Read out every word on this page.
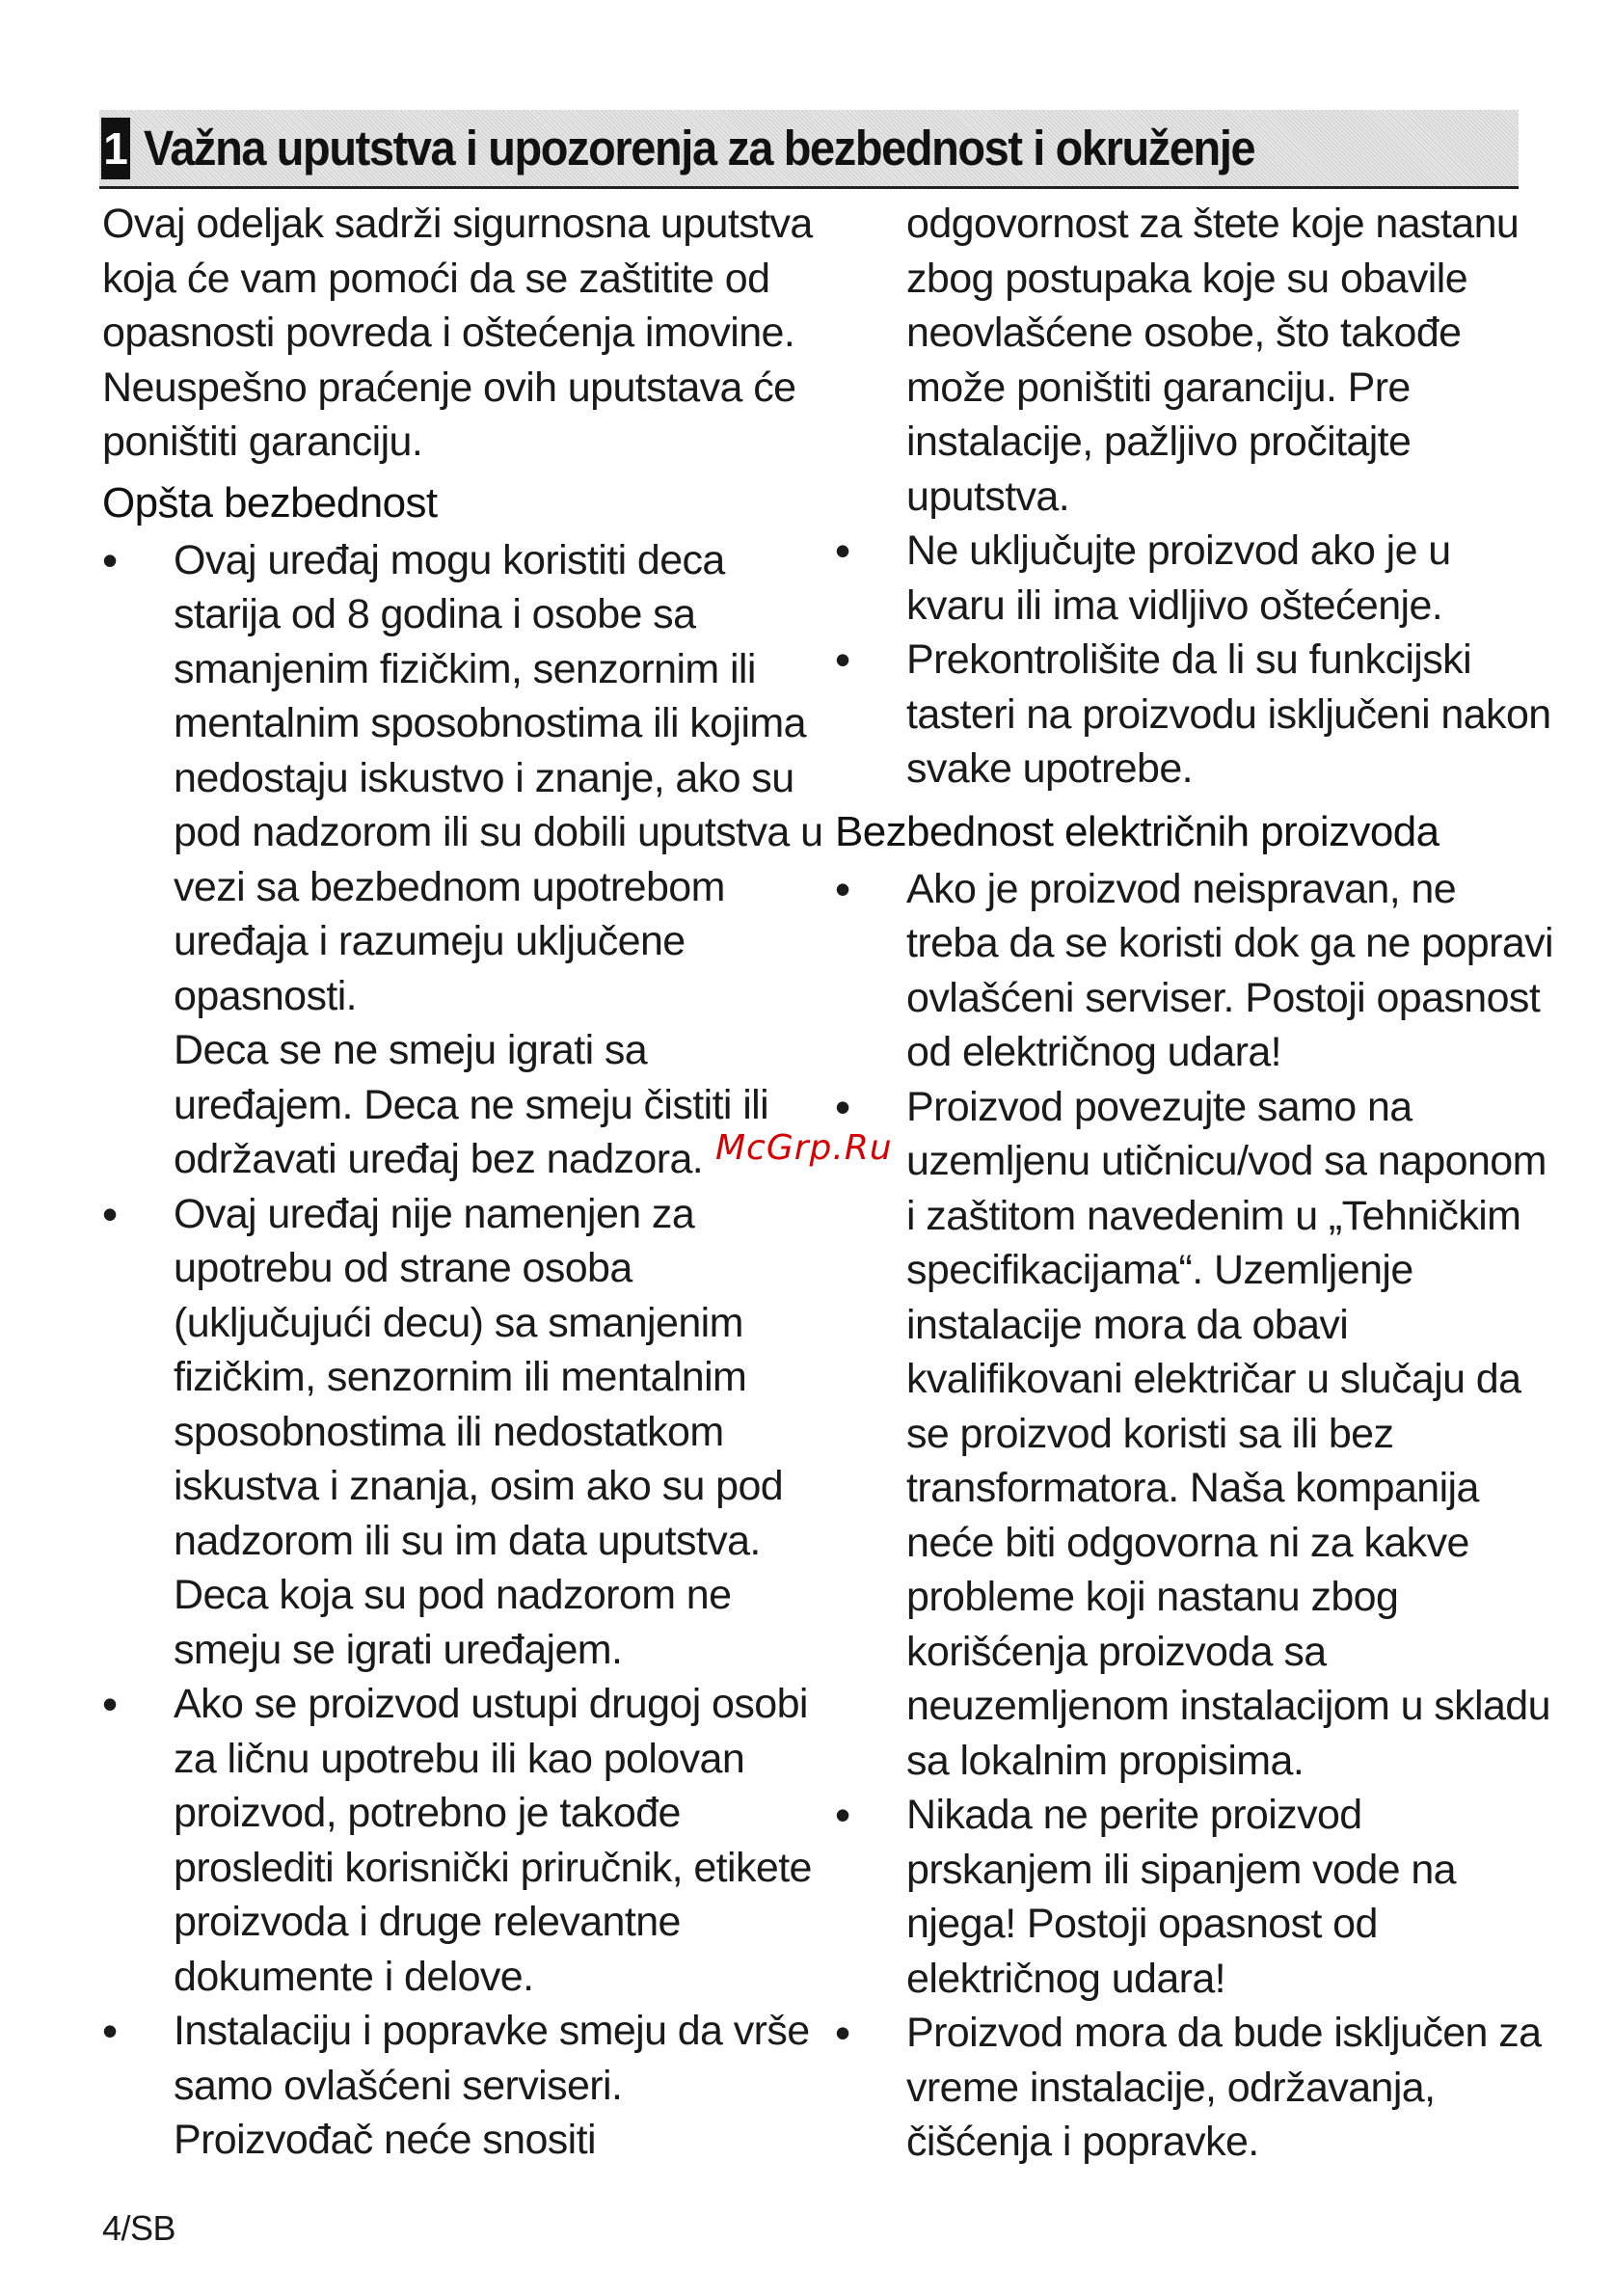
1 Važna uputstva i upozorenja za bezbednost i okruženje

Ovaj odeljak sadrži sigurnosna uputstva koja će vam pomoći da se zaštitite od opasnosti povreda i oštećenja imovine. Neuspešno praćenje ovih uputstava će poništiti garanciju.

Opšta bezbednost

• Ovaj uređaj mogu koristiti deca starija od 8 godina i osobe sa smanjenim fizičkim, senzornim ili mentalnim sposobnostima ili kojima nedostaju iskustvo i znanje, ako su pod nadzorom ili su dobili uputstva u vezi sa bezbednom upotrebom uređaja i razumeju uključene opasnosti.
Deca se ne smeju igrati sa uređajem. Deca ne smeju čistiti ili održavati uređaj bez nadzora.
• Ovaj uređaj nije namenjen za upotrebu od strane osoba (uključujući decu) sa smanjenim fizičkim, senzornim ili mentalnim sposobnostima ili nedostatkom iskustva i znanja, osim ako su pod nadzorom ili su im data uputstva. Deca koja su pod nadzorom ne smeju se igrati uređajem.
• Ako se proizvod ustupi drugoj osobi za ličnu upotrebu ili kao polovan proizvod, potrebno je takođe proslediti korisnički priručnik, etikete proizvoda i druge relevantne dokumente i delove.
• Instalaciju i popravke smeju da vrše samo ovlašćeni serviseri. Proizvođač neće snositi
odgovornost za štete koje nastanu zbog postupaka koje su obavile neovlašćene osobe, što takođe može poništiti garanciju. Pre instalacije, pažljivo pročitajte uputstva.
• Ne uključujte proizvod ako je u kvaru ili ima vidljivo oštećenje.
• Prekontrolišite da li su funkcijski tasteri na proizvodu isključeni nakon svake upotrebe.

Bezbednost električnih proizvoda

• Ako je proizvod neispravan, ne treba da se koristi dok ga ne popravi ovlašćeni serviser. Postoji opasnost od električnog udara!
• Proizvod povezujte samo na uzemljenu utičnicu/vod sa naponom i zaštitom navedenim u „Tehničkim specifikacijama“. Uzemljenje instalacije mora da obavi kvalifikovani električar u slučaju da se proizvod koristi sa ili bez transformatora. Naša kompanija neće biti odgovorna ni za kakve probleme koji nastanu zbog korišćenja proizvoda sa neuzemljenom instalacijom u skladu sa lokalnim propisima.
• Nikada ne perite proizvod prskanjem ili sipanjem vode na njega! Postoji opasnost od električnog udara!
• Proizvod mora da bude isključen za vreme instalacije, održavanja, čišćenja i popravke.
McGrp.Ru
4/SB
